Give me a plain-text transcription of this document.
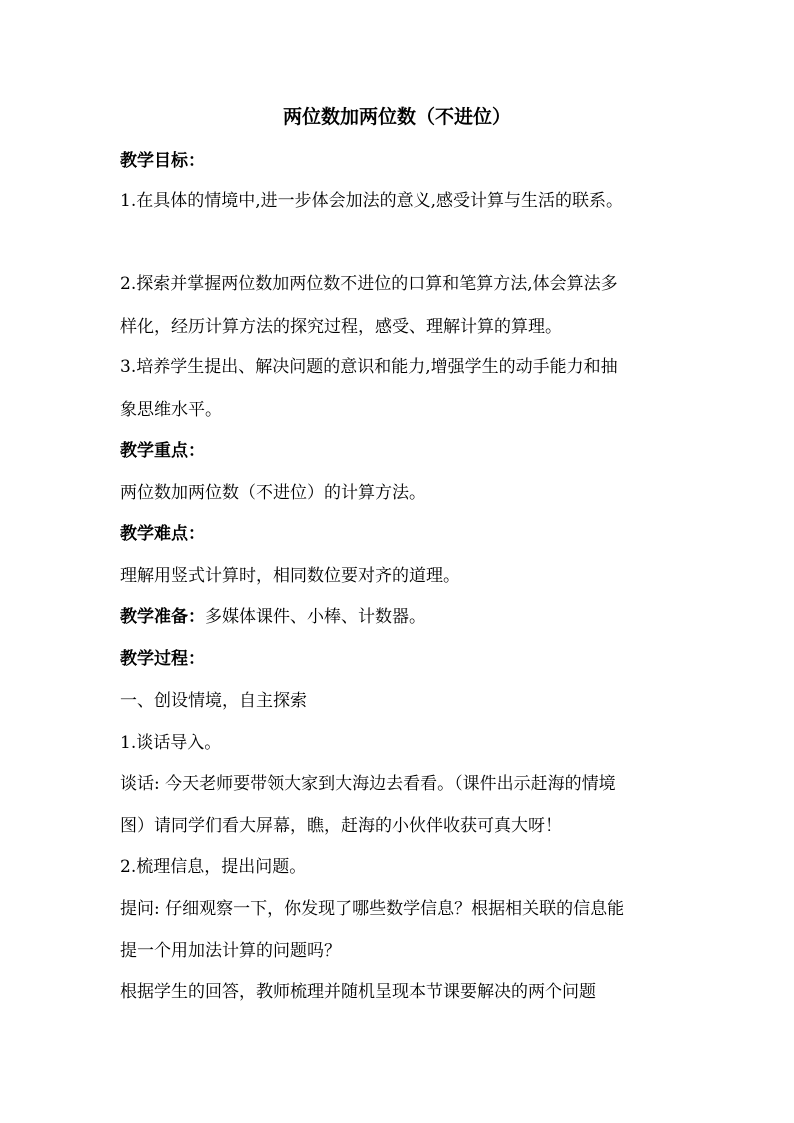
两位数加两位数（不进位）
教学目标：
1.在具体的情境中,进一步体会加法的意义,感受计算与生活的联系。
2.探索并掌握两位数加两位数不进位的口算和笔算方法,体会算法多
样化，经历计算方法的探究过程，感受、理解计算的算理。
3.培养学生提出、解决问题的意识和能力,增强学生的动手能力和抽
象思维水平。
教学重点：
两位数加两位数（不进位）的计算方法。
教学难点：
理解用竖式计算时，相同数位要对齐的道理。
教学准备：多媒体课件、小棒、计数器。
教学过程：
一、创设情境，自主探索
1.谈话导入。
谈话: 今天老师要带领大家到大海边去看看。（课件出示赶海的情境
图）请同学们看大屏幕，瞧，赶海的小伙伴收获可真大呀！
2.梳理信息，提出问题。
提问: 仔细观察一下，你发现了哪些数学信息？根据相关联的信息能
提一个用加法计算的问题吗？
根据学生的回答，教师梳理并随机呈现本节课要解决的两个问题
